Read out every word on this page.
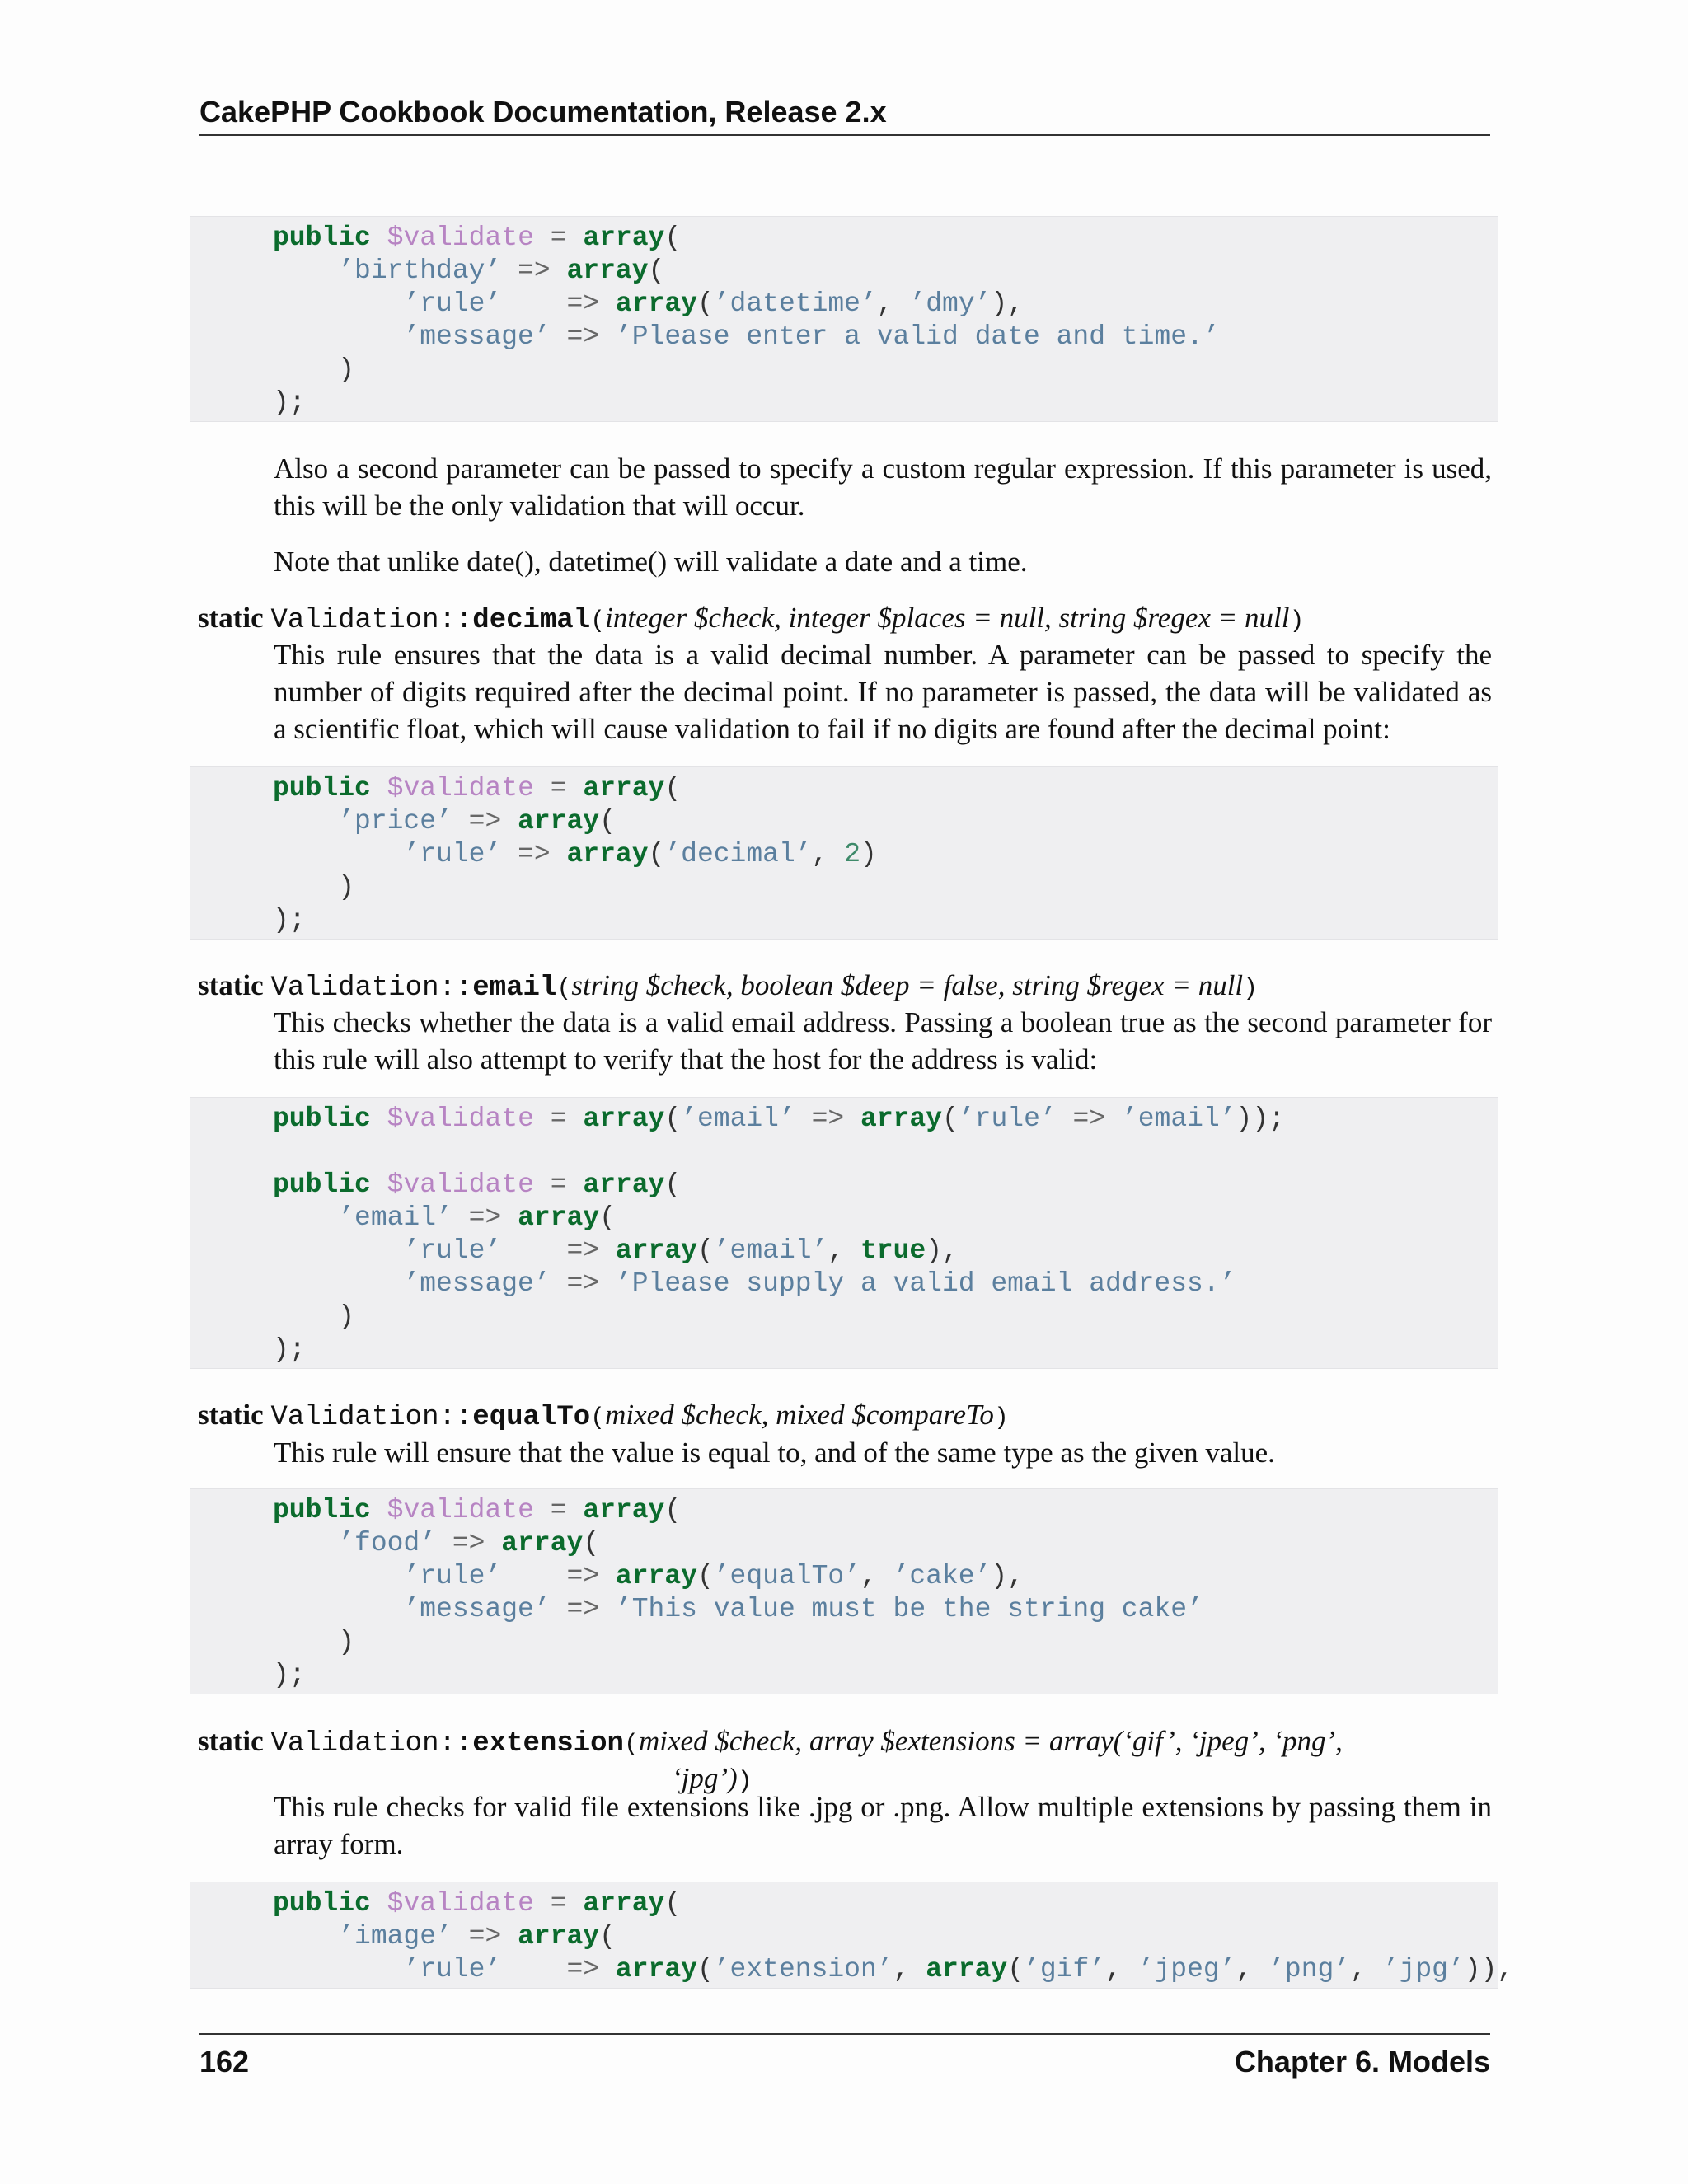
CakePHP Cookbook Documentation, Release 2.x
public $validate = array(
’birthday’ => array(
’rule’ => array(’datetime’, ’dmy’),
’message’ => ’Please enter a valid date and time.’
)
);

Also a second parameter can be passed to specify a custom regular expression. If this parameter is used, this will be the only validation that will occur.

Note that unlike date(), datetime() will validate a date and a time.

static Validation::decimal(integer $check, integer $places = null, string $regex = null)

This rule ensures that the data is a valid decimal number. A parameter can be passed to specify the number of digits required after the decimal point. If no parameter is passed, the data will be validated as a scientific float, which will cause validation to fail if no digits are found after the decimal point:

public $validate = array(
’price’ => array(
’rule’ => array(’decimal’, 2)
)
);
static Validation::email(string $check, boolean $deep = false, string $regex = null)

This checks whether the data is a valid email address. Passing a boolean true as the second parameter for this rule will also attempt to verify that the host for the address is valid:

public $validate = array(’email’ => array(’rule’ => ’email’));

public $validate = array(
’email’ => array(
’rule’ => array(’email’, true),
’message’ => ’Please supply a valid email address.’
)
);
static Validation::equalTo(mixed $check, mixed $compareTo)

This rule will ensure that the value is equal to, and of the same type as the given value.

public $validate = array(
’food’ => array(
’rule’ => array(’equalTo’, ’cake’),
’message’ => ’This value must be the string cake’
)
);
static Validation::extension(mixed $check, array $extensions = array(‘gif’, ‘jpeg’, ‘png’,
‘jpg’))

This rule checks for valid file extensions like .jpg or .png. Allow multiple extensions by passing them in array form.

public $validate = array(
’image’ => array(
’rule’ => array(’extension’, array(’gif’, ’jpeg’, ’png’, ’jpg’)),
162	Chapter 6. Models
